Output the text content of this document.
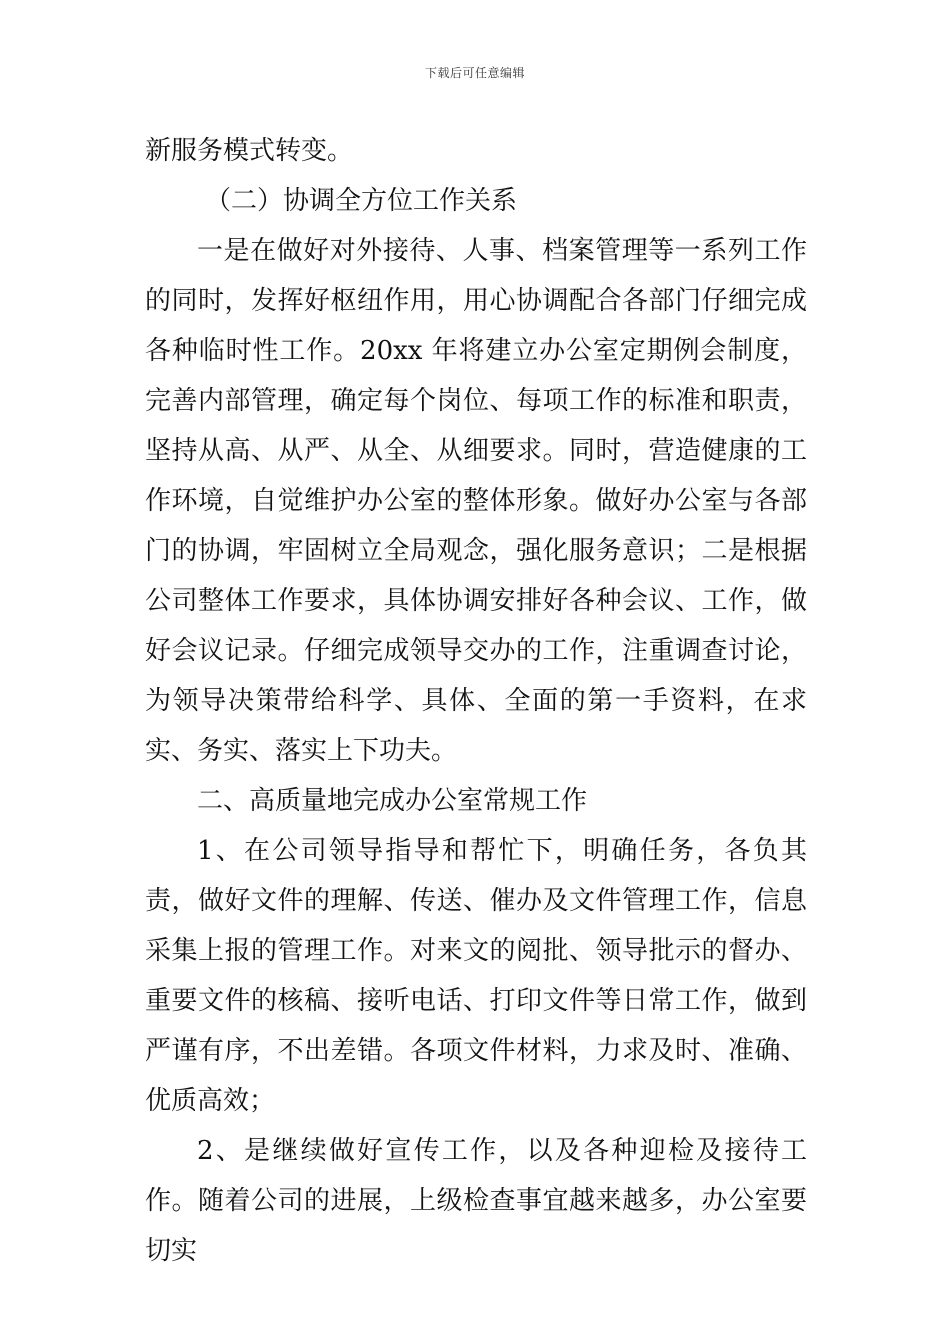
下载后可任意编辑

新服务模式转变。

（二）协调全方位工作关系

一是在做好对外接待、人事、档案管理等一系列工作的同时，发挥好枢纽作用，用心协调配合各部门仔细完成各种临时性工作。20xx 年将建立办公室定期例会制度，完善内部管理，确定每个岗位、每项工作的标准和职责，坚持从高、从严、从全、从细要求。同时，营造健康的工作环境，自觉维护办公室的整体形象。做好办公室与各部门的协调，牢固树立全局观念，强化服务意识；二是根据公司整体工作要求，具体协调安排好各种会议、工作，做好会议记录。仔细完成领导交办的工作，注重调查讨论，为领导决策带给科学、具体、全面的第一手资料，在求实、务实、落实上下功夫。

二、高质量地完成办公室常规工作

1、在公司领导指导和帮忙下，明确任务，各负其责，做好文件的理解、传送、催办及文件管理工作，信息采集上报的管理工作。对来文的阅批、领导批示的督办、重要文件的核稿、接听电话、打印文件等日常工作，做到严谨有序，不出差错。各项文件材料，力求及时、准确、优质高效；

2、是继续做好宣传工作，以及各种迎检及接待工作。随着公司的进展，上级检查事宜越来越多，办公室要切实
